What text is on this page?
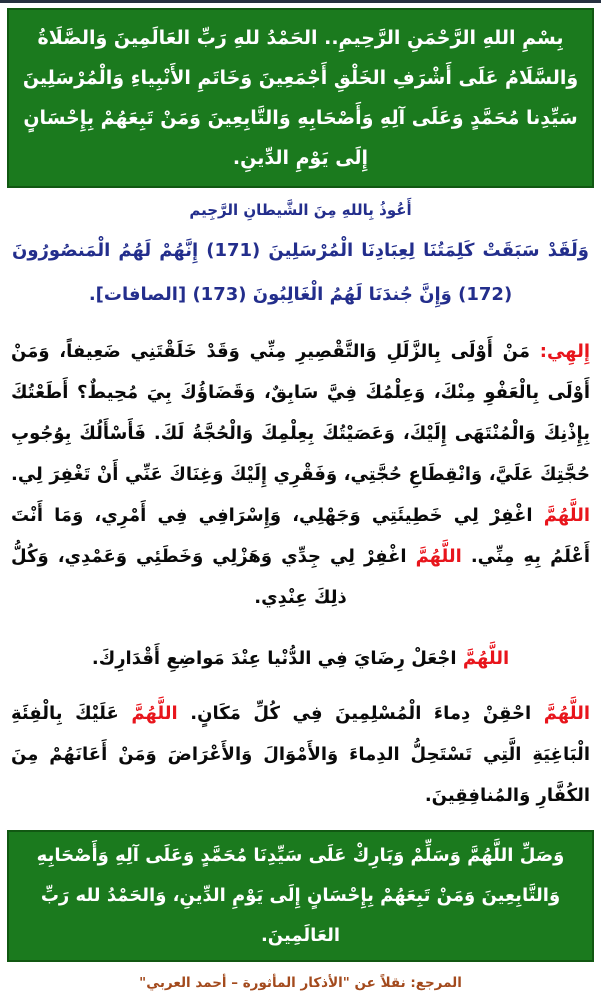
بِسْمِ اللهِ الرَّحْمَنِ الرَّحِيمِ.. الحَمْدُ للهِ رَبِّ العَالَمِينَ وَالصَّلَاةُ وَالسَّلَامُ عَلَى أَشْرَفِ الخَلْقِ أَجْمَعِينَ وَخَاتَمِ الأَنْبِياءِ وَالْمُرْسَلِينَ سَيِّدِنا مُحَمَّدٍ وَعَلَى آلِهِ وَأَصْحَابِهِ وَالتَّابِعِينَ وَمَنْ تَبِعَهُمْ بِإِحْسَانٍ إِلَى يَوْمِ الدِّينِ.
أَعُوذُ بِاللهِ مِنَ الشَّيطانِ الرَّجِيم
وَلَقَدْ سَبَقَتْ كَلِمَتُنَا لِعِبَادِنَا الْمُرْسَلِينَ (171) إِنَّهُمْ لَهُمُ الْمَنصُورُونَ (172) وَإِنَّ جُندَنَا لَهُمُ الْغَالِبُونَ (173) [الصافات].

إِلهِي: مَنْ أَوْلَى بِالزَّلَلِ وَالتَّقْصِيرِ مِنِّي وَقَدْ خَلَقْتَنِي ضَعِيفاً، وَمَنْ أَوْلَى بِالْعَفْوِ مِنْكَ، وَعِلْمُكَ فِيَّ سَابِقٌ، وَقَضَاؤُكَ بِيَ مُحِيطٌ؟ أَطَعْتُكَ بِإِذْنِكَ وَالْمُنْتَهَى إِلَيْكَ، وَعَصَيْتُكَ بِعِلْمِكَ وَالْحُجَّةُ لَكَ. فَأَسْأَلُكَ بِوُجُوبِ حُجَّتِكَ عَلَيَّ، وَانْقِطَاعِ حُجَّتِي، وَفَقْرِي إِلَيْكَ وَغِنَاكَ عَنِّي أَنْ تَغْفِرَ لِي. اللَّهُمَّ اغْفِرْ لِي خَطِيئَتِي وَجَهْلِي، وَإِسْرَافِي فِي أَمْرِي، وَمَا أَنْتَ أَعْلَمُ بِهِ مِنِّي. اللَّهُمَّ اغْفِرْ لِي جِدِّي وَهَزْلِي وَخَطَئِي وَعَمْدِي، وَكُلُّ ذلِكَ عِنْدِي.

اللَّهُمَّ اجْعَلْ رِضَايَ فِي الدُّنْيا عِنْدَ مَواضِعِ أَقْدَارِكَ.

اللَّهُمَّ احْقِنْ دِماءَ الْمُسْلِمِينَ فِي كُلِّ مَكَانٍ. اللَّهُمَّ عَلَيْكَ بِالْفِئَةِ الْبَاغِيَةِ الَّتِي تَسْتَحِلُّ الدِماءَ وَالأَمْوَالَ وَالأَعْرَاضَ وَمَنْ أَعَانَهُمْ مِنَ الكُفَّارِ وَالمُنافِقِينَ.

وَصَلِّ اللَّهُمَّ وَسَلِّمْ وَبَارِكْ عَلَى سَيِّدِنَا مُحَمَّدٍ وَعَلَى آلِهِ وَأَصْحَابِهِ وَالتَّابِعِينَ وَمَنْ تَبِعَهُمْ بِإِحْسَانٍ إِلَى يَوْمِ الدِّينِ، وَالحَمْدُ لله رَبِّ العَالَمِينَ.
المرجع: نقلاً عن "الأذكار المأثورة – أحمد العربي"
